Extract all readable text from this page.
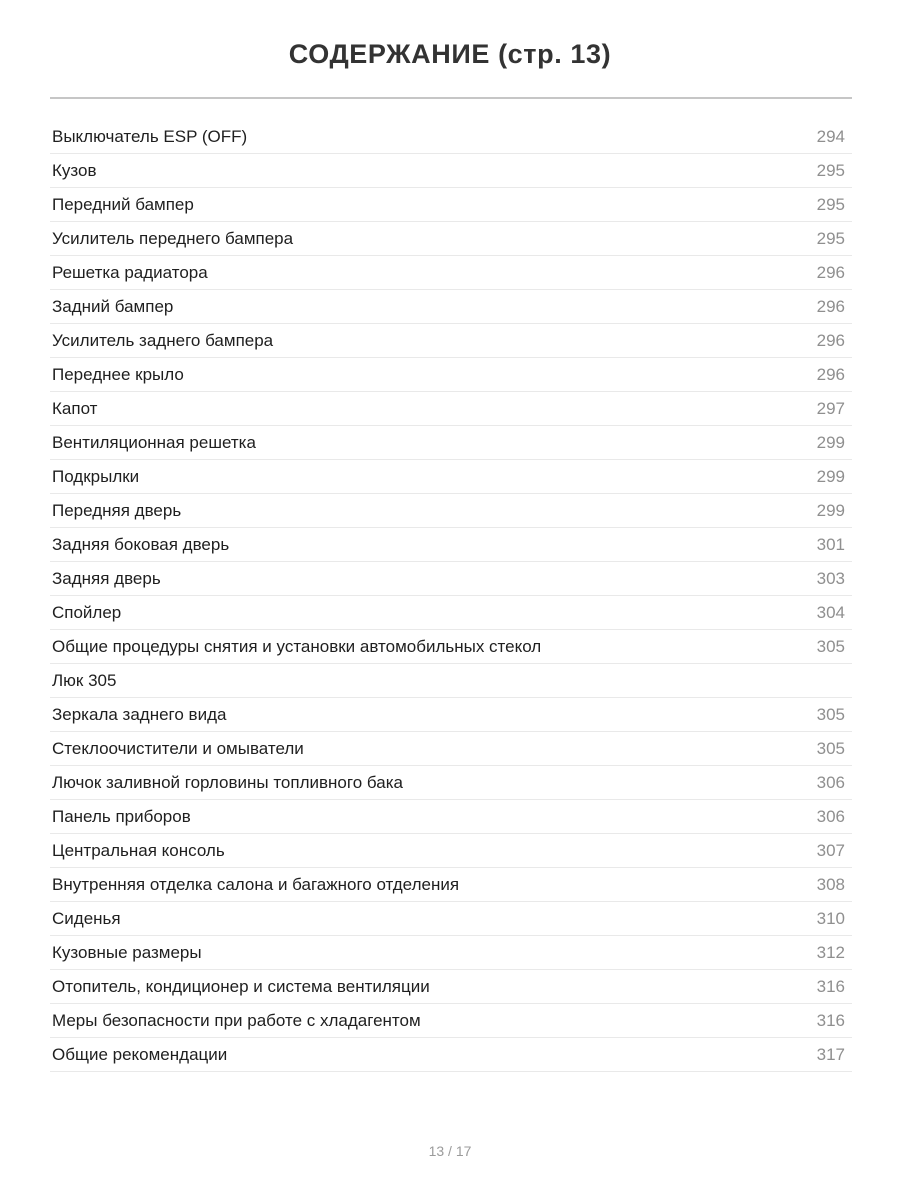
СОДЕРЖАНИЕ (стр. 13)
Выключатель ESP (OFF)	294
Кузов	295
Передний бампер	295
Усилитель переднего бампера	295
Решетка радиатора	296
Задний бампер	296
Усилитель заднего бампера	296
Переднее крыло	296
Капот	297
Вентиляционная решетка	299
Подкрылки	299
Передняя дверь	299
Задняя боковая дверь	301
Задняя дверь	303
Спойлер	304
Общие процедуры снятия и установки автомобильных стекол	305
Люк 305
Зеркала заднего вида	305
Стеклоочистители и омыватели	305
Лючок заливной горловины топливного бака	306
Панель приборов	306
Центральная консоль	307
Внутренняя отделка салона и багажного отделения	308
Сиденья	310
Кузовные размеры	312
Отопитель, кондиционер и система вентиляции	316
Меры безопасности при работе с хладагентом	316
Общие рекомендации	317
13 / 17
